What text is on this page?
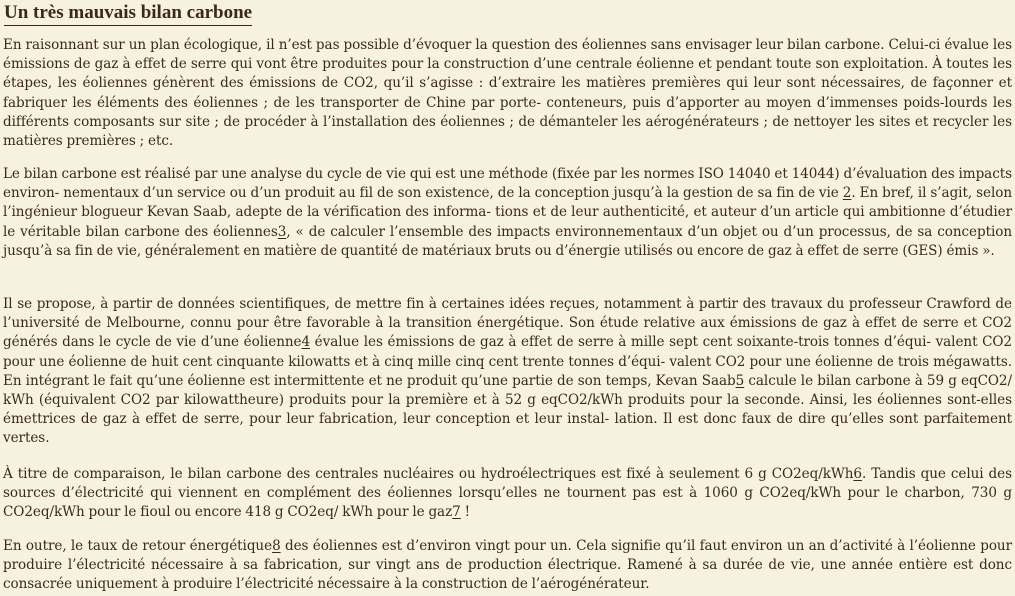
Un très mauvais bilan carbone

En raisonnant sur un plan écologique, il n’est pas possible d’évoquer la question des éoliennes sans envisager leur bilan carbone. Celui-ci évalue les émissions de gaz à effet de serre qui vont être produites pour la construction d’une centrale éolienne et pendant toute son exploitation. À toutes les étapes, les éoliennes génèrent des émissions de CO2, qu’il s’agisse : d’extraire les matières premières qui leur sont nécessaires, de façonner et fabriquer les éléments des éoliennes ; de les transporter de Chine par porte- conteneurs, puis d’apporter au moyen d’immenses poids-lourds les différents composants sur site ; de procéder à l’installation des éoliennes ; de démanteler les aérogénérateurs ; de nettoyer les sites et recycler les matières premières ; etc.

Le bilan carbone est réalisé par une analyse du cycle de vie qui est une méthode (fixée par les normes ISO 14040 et 14044) d’évaluation des impacts environ- nementaux d’un service ou d’un produit au fil de son existence, de la conception jusqu’à la gestion de sa fin de vie 2. En bref, il s’agit, selon l’ingénieur blogueur Kevan Saab, adepte de la vérification des informa- tions et de leur authenticité, et auteur d’un article qui ambitionne d’étudier le véritable bilan carbone des éoliennes3, « de calculer l’ensemble des impacts environnementaux d’un objet ou d’un processus, de sa conception jusqu’à sa fin de vie, généralement en matière de quantité de matériaux bruts ou d’énergie utilisés ou encore de gaz à effet de serre (GES) émis ».

Il se propose, à partir de données scientifiques, de mettre fin à certaines idées reçues, notamment à partir des travaux du professeur Crawford de l’université de Melbourne, connu pour être favorable à la transition énergétique. Son étude relative aux émissions de gaz à effet de serre et CO2 générés dans le cycle de vie d’une éolienne4 évalue les émissions de gaz à effet de serre à mille sept cent soixante-trois tonnes d’équi- valent CO2 pour une éolienne de huit cent cinquante kilowatts et à cinq mille cinq cent trente tonnes d’équi- valent CO2 pour une éolienne de trois mégawatts. En intégrant le fait qu’une éolienne est intermittente et ne produit qu’une partie de son temps, Kevan Saab5 calcule le bilan carbone à 59 g eqCO2/ kWh (équivalent CO2 par kilowattheure) produits pour la première et à 52 g eqCO2/kWh produits pour la seconde. Ainsi, les éoliennes sont-elles émettrices de gaz à effet de serre, pour leur fabrication, leur conception et leur instal- lation. Il est donc faux de dire qu’elles sont parfaitement vertes.

À titre de comparaison, le bilan carbone des centrales nucléaires ou hydroélectriques est fixé à seulement 6 g CO2eq/kWh6. Tandis que celui des sources d’électricité qui viennent en complément des éoliennes lorsqu’elles ne tournent pas est à 1060 g CO2eq/kWh pour le charbon, 730 g CO2eq/kWh pour le fioul ou encore 418 g CO2eq/ kWh pour le gaz7 !

En outre, le taux de retour énergétique8 des éoliennes est d’environ vingt pour un. Cela signifie qu’il faut environ un an d’activité à l’éolienne pour produire l’électricité nécessaire à sa fabrication, sur vingt ans de production électrique. Ramené à sa durée de vie, une année entière est donc consacrée uniquement à produire l’électricité nécessaire à la construction de l’aérogénérateur.
